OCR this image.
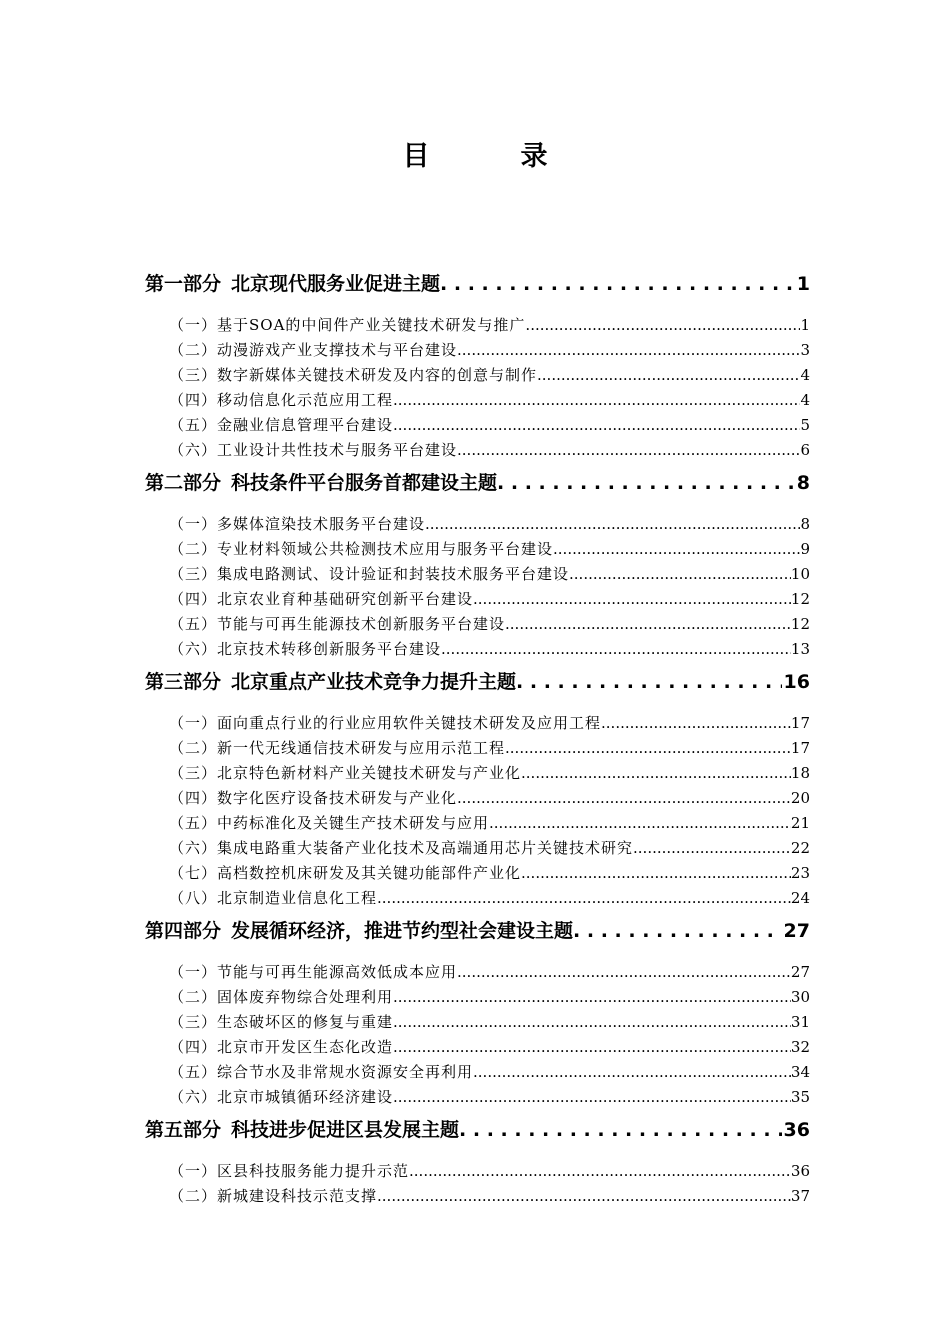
目　录
第一部分 北京现代服务业促进主题 . . .	1
（一）基于SOA的中间件产业关键技术研发与推广 .....	1
（二）动漫游戏产业支撑技术与平台建设 .....	3
（三）数字新媒体关键技术研发及内容的创意与制作 .....	4
（四）移动信息化示范应用工程 .....	4
（五）金融业信息管理平台建设 .....	5
（六）工业设计共性技术与服务平台建设 .....	6
第二部分 科技条件平台服务首都建设主题 . . .	8
（一）多媒体渲染技术服务平台建设 .....	8
（二）专业材料领域公共检测技术应用与服务平台建设 .....	9
（三）集成电路测试、设计验证和封装技术服务平台建设 .....	10
（四）北京农业育种基础研究创新平台建设 .....	12
（五）节能与可再生能源技术创新服务平台建设 .....	12
（六）北京技术转移创新服务平台建设 .....	13
第三部分 北京重点产业技术竞争力提升主题 . . .	16
（一）面向重点行业的行业应用软件关键技术研发及应用工程 .....	17
（二）新一代无线通信技术研发与应用示范工程 .....	17
（三）北京特色新材料产业关键技术研发与产业化 .....	18
（四）数字化医疗设备技术研发与产业化 .....	20
（五）中药标准化及关键生产技术研发与应用 .....	21
（六）集成电路重大装备产业化技术及高端通用芯片关键技术研究 .....	22
（七）高档数控机床研发及其关键功能部件产业化 .....	23
（八）北京制造业信息化工程 .....	24
第四部分 发展循环经济，推进节约型社会建设主题 . . .	27
（一）节能与可再生能源高效低成本应用 .....	27
（二）固体废弃物综合处理利用 .....	30
（三）生态破坏区的修复与重建 .....	31
（四）北京市开发区生态化改造 .....	32
（五）综合节水及非常规水资源安全再利用 .....	34
（六）北京市城镇循环经济建设 .....	35
第五部分 科技进步促进区县发展主题 . . .	36
（一）区县科技服务能力提升示范 .....	36
（二）新城建设科技示范支撑 .....	37
